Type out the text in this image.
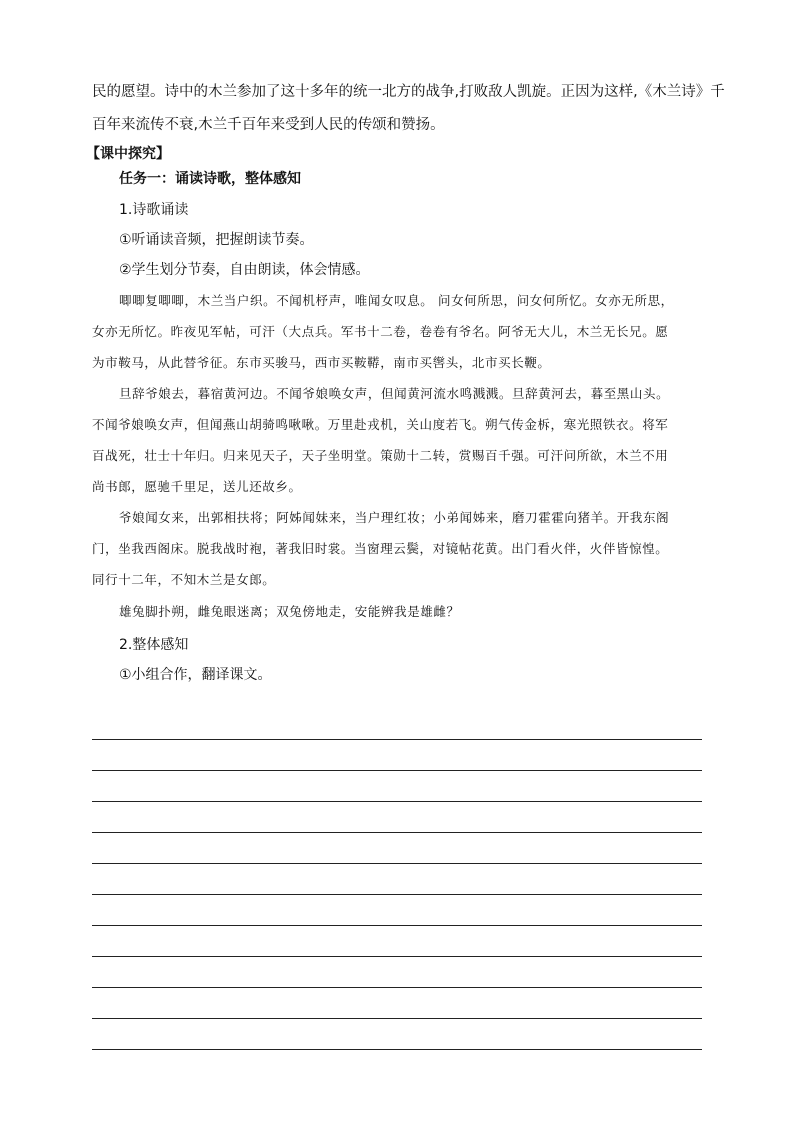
民的愿望。诗中的木兰参加了这十多年的统一北方的战争,打败敌人凯旋。正因为这样,《木兰诗》千
百年来流传不衰,木兰千百年来受到人民的传颂和赞扬。
【课中探究】
任务一：诵读诗歌，整体感知
1.诗歌诵读
①听诵读音频，把握朗读节奏。
②学生划分节奏，自由朗读，体会情感。
唧唧复唧唧，木兰当户织。不闻机杼声，唯闻女叹息。 问女何所思，问女何所忆。女亦无所思，
女亦无所忆。昨夜见军帖，可汗（大点兵。军书十二卷，卷卷有爷名。阿爷无大儿，木兰无长兄。愿
为市鞍马，从此替爷征。东市买骏马，西市买鞍鞯，南市买辔头，北市买长鞭。
旦辞爷娘去，暮宿黄河边。不闻爷娘唤女声，但闻黄河流水鸣溅溅。旦辞黄河去，暮至黑山头。
不闻爷娘唤女声，但闻燕山胡骑鸣啾啾。万里赴戎机，关山度若飞。朔气传金柝，寒光照铁衣。将军
百战死，壮士十年归。归来见天子，天子坐明堂。策勋十二转，赏赐百千强。可汗问所欲，木兰不用
尚书郎，愿驰千里足，送儿还故乡。
爷娘闻女来，出郭相扶将；阿姊闻妹来，当户理红妆；小弟闻姊来，磨刀霍霍向猪羊。开我东阁
门，坐我西阁床。脱我战时袍，著我旧时裳。当窗理云鬓，对镜帖花黄。出门看火伴，火伴皆惊惶。
同行十二年，不知木兰是女郎。
雄兔脚扑朔，雌兔眼迷离；双兔傍地走，安能辨我是雄雌？
2.整体感知
①小组合作，翻译课文。
